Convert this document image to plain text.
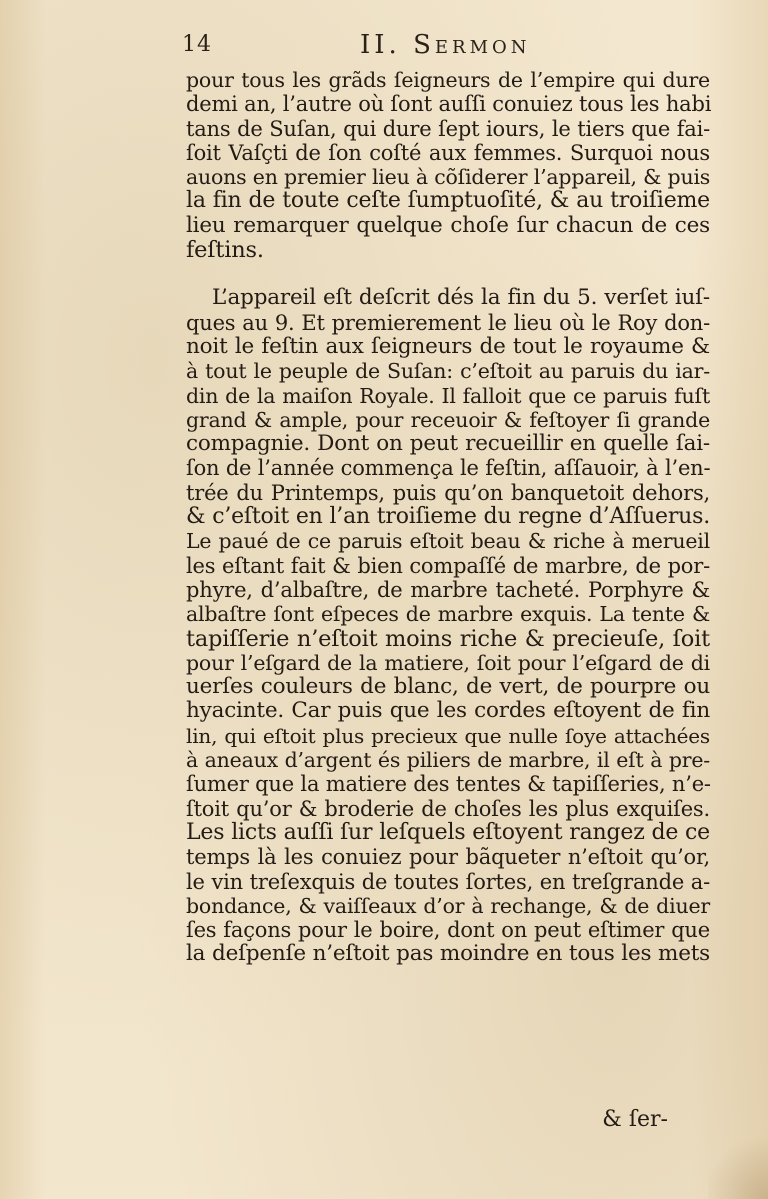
14	II. Sermon
pour tous les grãds ſeigneurs de l’empire qui dure
demi an, l’autre où ſont auſſi conuiez tous les habi
tans de Suſan, qui dure ſept iours, le tiers que fai-
ſoit Vaſçti de ſon coſté aux femmes. Surquoi nous
auons en premier lieu à cõſiderer l’appareil, & puis
la fin de toute ceſte ſumptuoſité, & au troiſieme
lieu remarquer quelque choſe ſur chacun de ces
feſtins.
L’appareil eſt deſcrit dés la fin du 5. verſet iuſ-
ques au 9. Et premierement le lieu où le Roy don-
noit le feſtin aux ſeigneurs de tout le royaume &
à tout le peuple de Suſan: c’eſtoit au paruis du iar-
din de la maiſon Royale. Il falloit que ce paruis fuſt
grand & ample, pour receuoir & feſtoyer ſi grande
compagnie. Dont on peut recueillir en quelle ſai-
ſon de l’année commença le feſtin, aſſauoir, à l’en-
trée du Printemps, puis qu’on banquetoit dehors,
& c’eſtoit en l’an troiſieme du regne d’Aſſuerus.
Le paué de ce paruis eſtoit beau & riche à merueil
les eſtant fait & bien compaſſé de marbre, de por-
phyre, d’albaſtre, de marbre tacheté. Porphyre &
albaſtre ſont eſpeces de marbre exquis. La tente &
tapiſſerie n’eſtoit moins riche & precieuſe, ſoit
pour l’eſgard de la matiere, ſoit pour l’eſgard de di
uerſes couleurs de blanc, de vert, de pourpre ou
hyacinte. Car puis que les cordes eſtoyent de fin
lin, qui eſtoit plus precieux que nulle ſoye attachées
à aneaux d’argent és piliers de marbre, il eſt à pre-
ſumer que la matiere des tentes & tapiſſeries, n’e-
ſtoit qu’or & broderie de choſes les plus exquiſes.
Les licts auſſi ſur leſquels eſtoyent rangez de ce
temps là les conuiez pour bãqueter n’eſtoit qu’or,
le vin treſexquis de toutes ſortes, en treſgrande a-
bondance, & vaiſſeaux d’or à rechange, & de diuer
ſes façons pour le boire, dont on peut eſtimer que
la deſpenſe n’eſtoit pas moindre en tous les mets
& ſer-
